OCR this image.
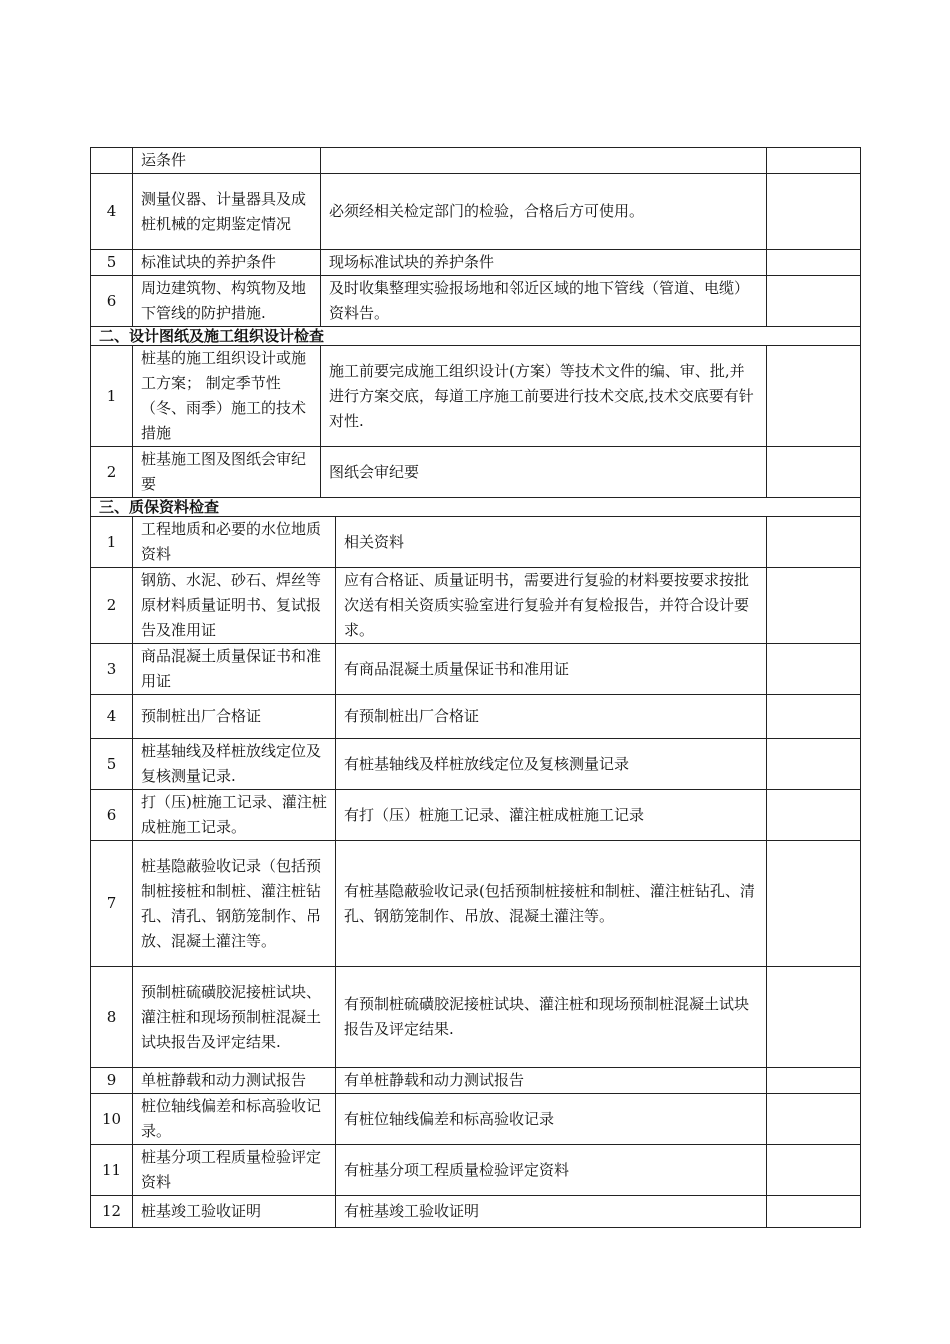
	运条件		
4	测量仪器、计量器具及成桩机械的定期鉴定情况	必须经相关检定部门的检验，合格后方可使用。	
5	标准试块的养护条件	现场标准试块的养护条件	
6	周边建筑物、构筑物及地下管线的防护措施.	及时收集整理实验报场地和邻近区域的地下管线（管道、电缆）资料告。	
二、设计图纸及施工组织设计检查			
1	桩基的施工组织设计或施工方案； 制定季节性（冬、雨季）施工的技术措施	施工前要完成施工组织设计(方案）等技术文件的编、审、批,并进行方案交底，每道工序施工前要进行技术交底,技术交底要有针对性.	
2	桩基施工图及图纸会审纪要	图纸会审纪要	
三、质保资料检查			
1	工程地质和必要的水位地质资料	相关资料	
2	钢筋、水泥、砂石、焊丝等原材料质量证明书、复试报告及准用证	应有合格证、质量证明书，需要进行复验的材料要按要求按批次送有相关资质实验室进行复验并有复检报告，并符合设计要求。	
3	商品混凝土质量保证书和准用证	有商品混凝土质量保证书和准用证	
4	预制桩出厂合格证	有预制桩出厂合格证	
5	桩基轴线及样桩放线定位及复核测量记录.	有桩基轴线及样桩放线定位及复核测量记录	
6	打（压)桩施工记录、灌注桩成桩施工记录。	有打（压）桩施工记录、灌注桩成桩施工记录	
7	桩基隐蔽验收记录（包括预制桩接桩和制桩、灌注桩钻孔、清孔、钢筋笼制作、吊放、混凝土灌注等。	有桩基隐蔽验收记录(包括预制桩接桩和制桩、灌注桩钻孔、清孔、钢筋笼制作、吊放、混凝土灌注等。	
8	预制桩硫磺胶泥接桩试块、灌注桩和现场预制桩混凝土试块报告及评定结果.	有预制桩硫磺胶泥接桩试块、灌注桩和现场预制桩混凝土试块报告及评定结果.	
9	单桩静载和动力测试报告	有单桩静载和动力测试报告	
10	桩位轴线偏差和标高验收记录。	有桩位轴线偏差和标高验收记录	
11	桩基分项工程质量检验评定资料	有桩基分项工程质量检验评定资料	
12	桩基竣工验收证明	有桩基竣工验收证明	
